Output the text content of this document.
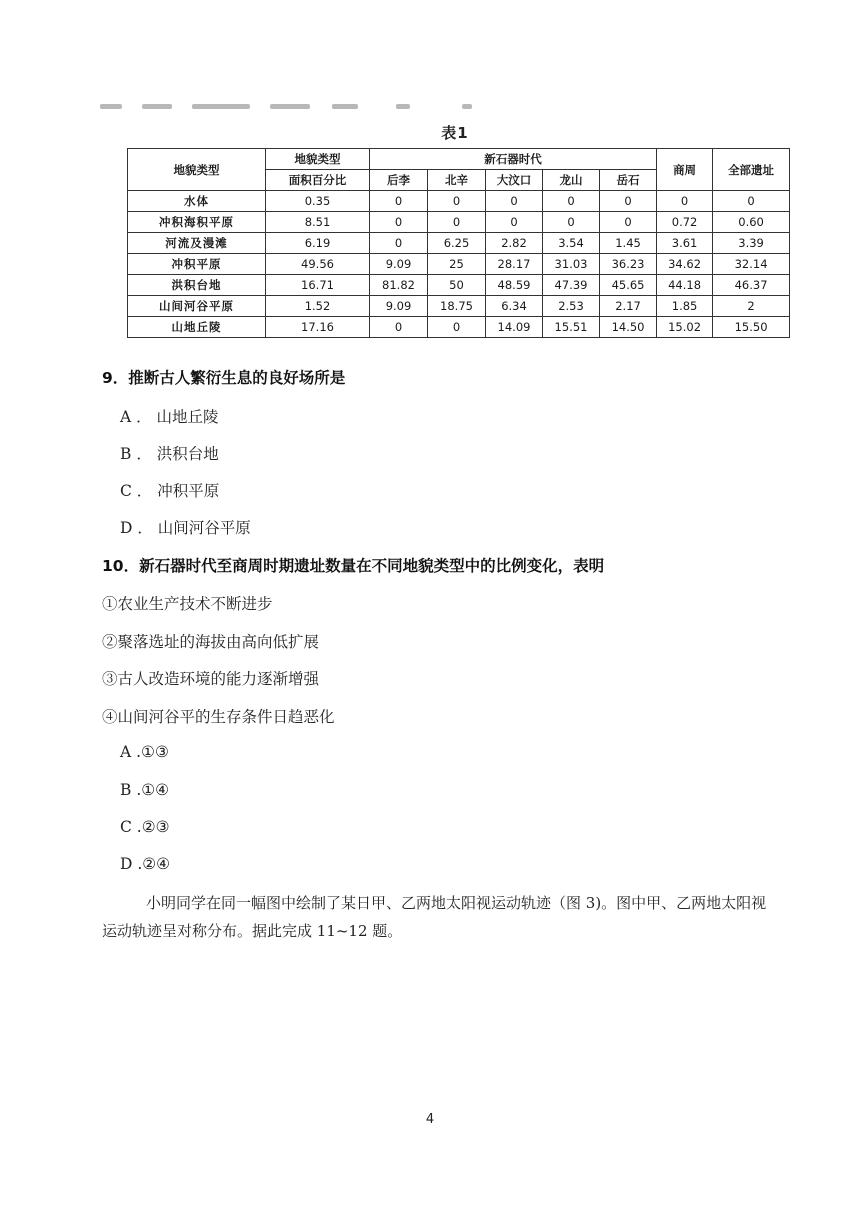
表1
地貌类型	地貌类型	新石器时代					商周	全部遗址
	面积百分比	后李	北辛	大汶口	龙山	岳石		
水体	0.35	0	0	0	0	0	0	0
冲积海积平原	8.51	0	0	0	0	0	0.72	0.60
河流及漫滩	6.19	0	6.25	2.82	3.54	1.45	3.61	3.39
冲积平原	49.56	9.09	25	28.17	31.03	36.23	34.62	32.14
洪积台地	16.71	81.82	50	48.59	47.39	45.65	44.18	46.37
山间河谷平原	1.52	9.09	18.75	6.34	2.53	2.17	1.85	2
山地丘陵	17.16	0	0	14.09	15.51	14.50	15.02	15.50
9．推断古人繁衍生息的良好场所是
A ． 山地丘陵
B ． 洪积台地
C ． 冲积平原
D ． 山间河谷平原
10．新石器时代至商周时期遗址数量在不同地貌类型中的比例变化，表明
①农业生产技术不断进步
②聚落选址的海拔由高向低扩展
③古人改造环境的能力逐渐增强
④山间河谷平的生存条件日趋恶化
A .①③
B .①④
C .②③
D .②④

小明同学在同一幅图中绘制了某日甲、乙两地太阳视运动轨迹（图 3)。图中甲、乙两地太阳视运动轨迹呈对称分布。据此完成 11~12 题。

4
